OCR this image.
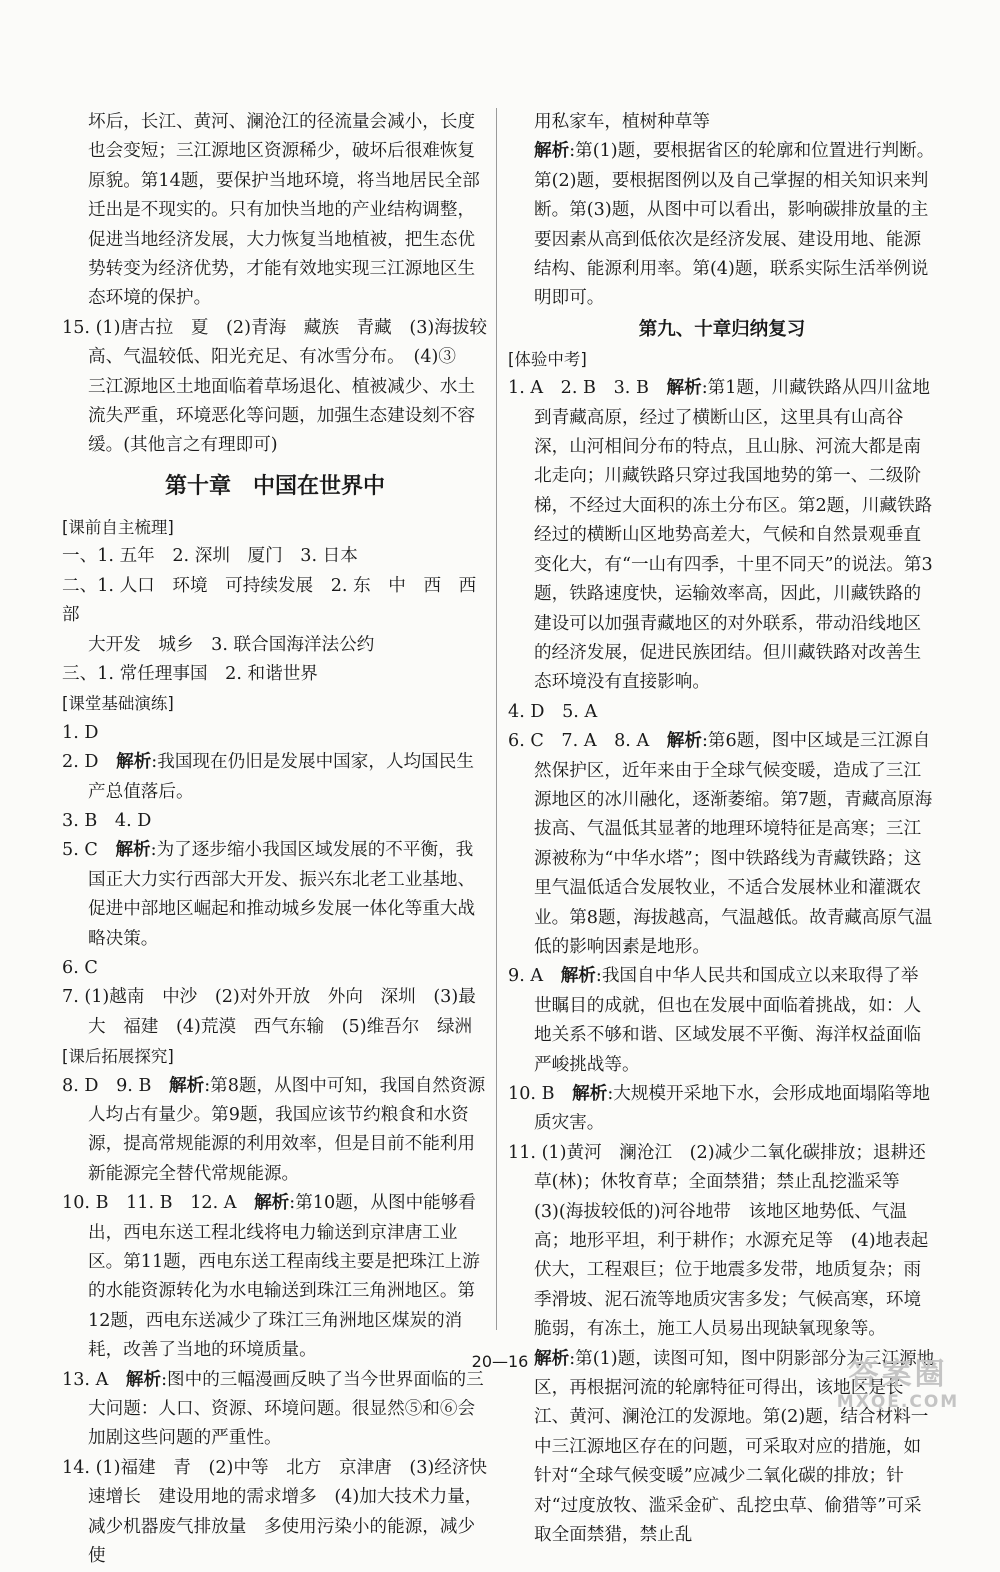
坏后，长江、黄河、澜沧江的径流量会减小，长度也会变短；三江源地区资源稀少，破坏后很难恢复原貌。第14题，要保护当地环境，将当地居民全部迁出是不现实的。只有加快当地的产业结构调整，促进当地经济发展，大力恢复当地植被，把生态优势转变为经济优势，才能有效地实现三江源地区生态环境的保护。

15. (1)唐古拉　夏　(2)青海　藏族　青藏　(3)海拔较高、气温较低、阳光充足、有冰雪分布。　(4)③　三江源地区土地面临着草场退化、植被减少、水土流失严重，环境恶化等问题，加强生态建设刻不容缓。(其他言之有理即可)

第十章　中国在世界中

[课前自主梳理]

一、1. 五年　2. 深圳　厦门　3. 日本

二、1. 人口　环境　可持续发展　2. 东　中　西　西部

大开发　城乡　3. 联合国海洋法公约

三、1. 常任理事国　2. 和谐世界

[课堂基础演练]

1. D

2. D　解析:我国现在仍旧是发展中国家，人均国民生产总值落后。

3. B　4. D

5. C　解析:为了逐步缩小我国区域发展的不平衡，我国正大力实行西部大开发、振兴东北老工业基地、促进中部地区崛起和推动城乡发展一体化等重大战略决策。

6. C

7. (1)越南　中沙　(2)对外开放　外向　深圳　(3)最大　福建　(4)荒漠　西气东输　(5)维吾尔　绿洲

[课后拓展探究]

8. D　9. B　解析:第8题，从图中可知，我国自然资源人均占有量少。第9题，我国应该节约粮食和水资源，提高常规能源的利用效率，但是目前不能利用新能源完全替代常规能源。

10. B　11. B　12. A　解析:第10题，从图中能够看出，西电东送工程北线将电力输送到京津唐工业区。第11题，西电东送工程南线主要是把珠江上游的水能资源转化为水电输送到珠江三角洲地区。第12题，西电东送减少了珠江三角洲地区煤炭的消耗，改善了当地的环境质量。

13. A　解析:图中的三幅漫画反映了当今世界面临的三大问题：人口、资源、环境问题。很显然⑤和⑥会加剧这些问题的严重性。

14. (1)福建　青　(2)中等　北方　京津唐　(3)经济快速增长　建设用地的需求增多　(4)加大技术力量，减少机器废气排放量　多使用污染小的能源，减少使

用私家车，植树种草等

解析:第(1)题，要根据省区的轮廓和位置进行判断。第(2)题，要根据图例以及自己掌握的相关知识来判断。第(3)题，从图中可以看出，影响碳排放量的主要因素从高到低依次是经济发展、建设用地、能源结构、能源利用率。第(4)题，联系实际生活举例说明即可。

第九、十章归纳复习

[体验中考]

1. A　2. B　3. B　解析:第1题，川藏铁路从四川盆地到青藏高原，经过了横断山区，这里具有山高谷深，山河相间分布的特点，且山脉、河流大都是南北走向；川藏铁路只穿过我国地势的第一、二级阶梯，不经过大面积的冻土分布区。第2题，川藏铁路经过的横断山区地势高差大，气候和自然景观垂直变化大，有“一山有四季，十里不同天”的说法。第3题，铁路速度快，运输效率高，因此，川藏铁路的建设可以加强青藏地区的对外联系，带动沿线地区的经济发展，促进民族团结。但川藏铁路对改善生态环境没有直接影响。

4. D　5. A

6. C　7. A　8. A　解析:第6题，图中区域是三江源自然保护区，近年来由于全球气候变暖，造成了三江源地区的冰川融化，逐渐萎缩。第7题，青藏高原海拔高、气温低其显著的地理环境特征是高寒；三江源被称为“中华水塔”；图中铁路线为青藏铁路；这里气温低适合发展牧业，不适合发展林业和灌溉农业。第8题，海拔越高，气温越低。故青藏高原气温低的影响因素是地形。

9. A　解析:我国自中华人民共和国成立以来取得了举世瞩目的成就，但也在发展中面临着挑战，如：人地关系不够和谐、区域发展不平衡、海洋权益面临严峻挑战等。

10. B　解析:大规模开采地下水，会形成地面塌陷等地质灾害。

11. (1)黄河　澜沧江　(2)减少二氧化碳排放；退耕还草(林)；休牧育草；全面禁猎；禁止乱挖滥采等　(3)(海拔较低的)河谷地带　该地区地势低、气温高；地形平坦，利于耕作；水源充足等　(4)地表起伏大，工程艰巨；位于地震多发带，地质复杂；雨季滑坡、泥石流等地质灾害多发；气候高寒，环境脆弱，有冻土，施工人员易出现缺氧现象等。

解析:第(1)题，读图可知，图中阴影部分为三江源地区，再根据河流的轮廓特征可得出，该地区是长江、黄河、澜沧江的发源地。第(2)题，结合材料一中三江源地区存在的问题，可采取对应的措施，如针对“全球气候变暖”应减少二氧化碳的排放；针对“过度放牧、滥采金矿、乱挖虫草、偷猎等”可采取全面禁猎，禁止乱

20—16	答案圈
MXQE.COM
